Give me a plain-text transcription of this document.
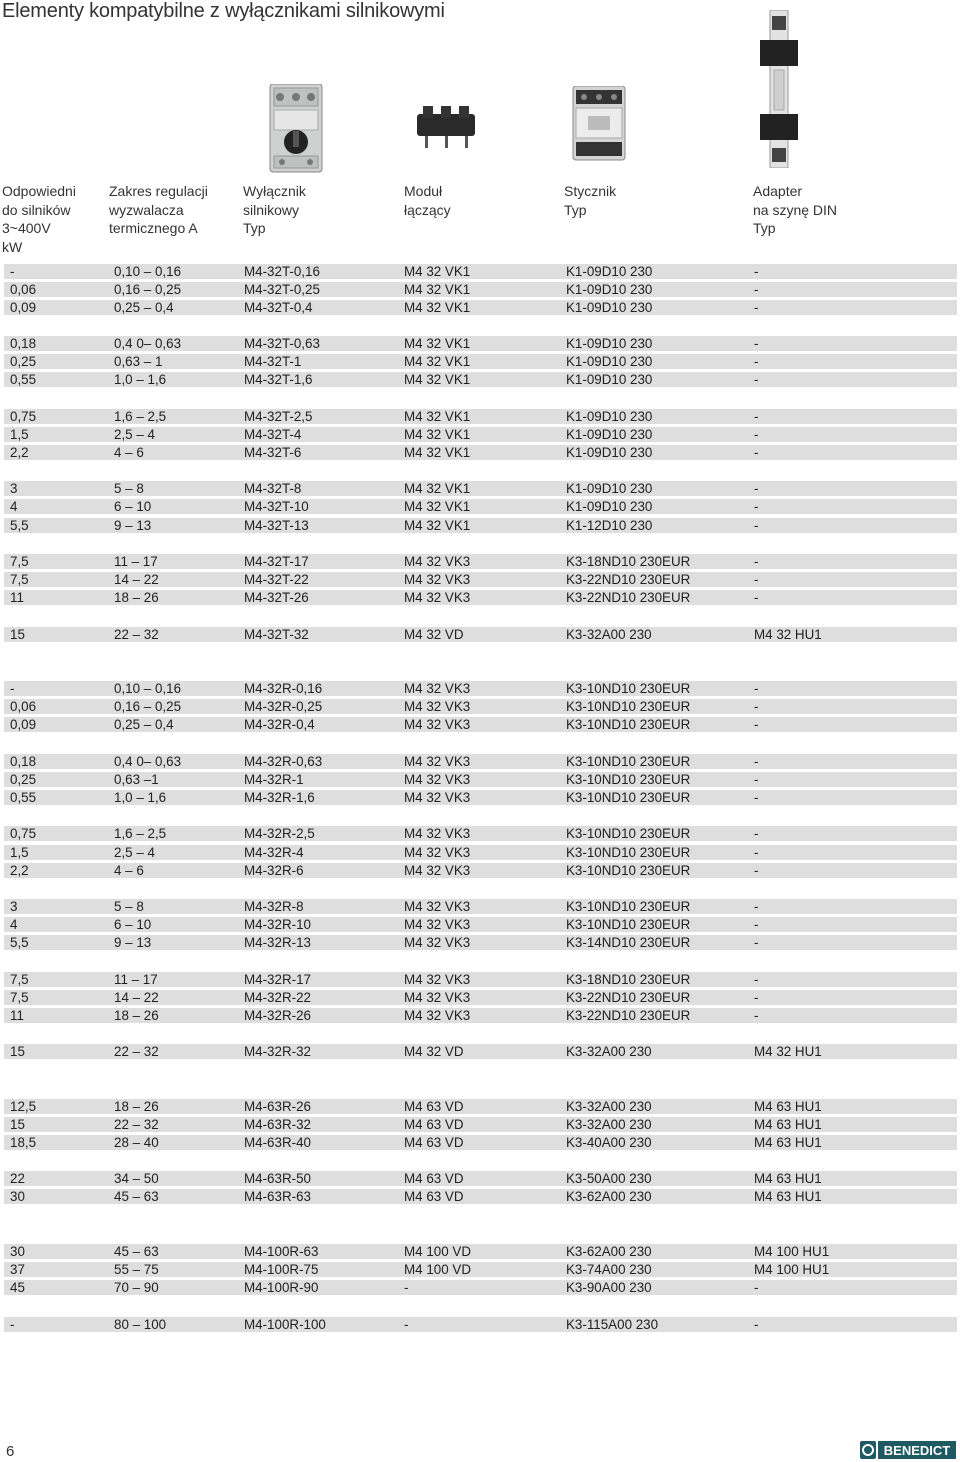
Elementy kompatybilne z wyłącznikami silnikowymi
Odpowiedni
do silników
3~400V
kW
Zakres regulacji
wyzwalacza
termicznego A
Wyłącznik
silnikowy
Typ
Moduł
łączący
Stycznik
Typ
Adapter
na szynę DIN
Typ
-	0,10 – 0,16	M4-32T-0,16	M4 32 VK1	K1-09D10 230	-
0,06	0,16 – 0,25	M4-32T-0,25	M4 32 VK1	K1-09D10 230	-
0,09	0,25 – 0,4	M4-32T-0,4	M4 32 VK1	K1-09D10 230	-
0,18	0,4 0– 0,63	M4-32T-0,63	M4 32 VK1	K1-09D10 230	-
0,25	0,63 – 1	M4-32T-1	M4 32 VK1	K1-09D10 230	-
0,55	1,0 – 1,6	M4-32T-1,6	M4 32 VK1	K1-09D10 230	-
0,75	1,6 – 2,5	M4-32T-2,5	M4 32 VK1	K1-09D10 230	-
1,5	2,5 – 4	M4-32T-4	M4 32 VK1	K1-09D10 230	-
2,2	4 – 6	M4-32T-6	M4 32 VK1	K1-09D10 230	-
3	5 – 8	M4-32T-8	M4 32 VK1	K1-09D10 230	-
4	6 – 10	M4-32T-10	M4 32 VK1	K1-09D10 230	-
5,5	9 – 13	M4-32T-13	M4 32 VK1	K1-12D10 230	-
7,5	11 – 17	M4-32T-17	M4 32 VK3	K3-18ND10 230EUR	-
7,5	14 – 22	M4-32T-22	M4 32 VK3	K3-22ND10 230EUR	-
11	18 – 26	M4-32T-26	M4 32 VK3	K3-22ND10 230EUR	-
15	22 – 32	M4-32T-32	M4 32 VD	K3-32A00 230	M4 32 HU1
-	0,10 – 0,16	M4-32R-0,16	M4 32 VK3	K3-10ND10 230EUR	-
0,06	0,16 – 0,25	M4-32R-0,25	M4 32 VK3	K3-10ND10 230EUR	-
0,09	0,25 – 0,4	M4-32R-0,4	M4 32 VK3	K3-10ND10 230EUR	-
0,18	0,4 0– 0,63	M4-32R-0,63	M4 32 VK3	K3-10ND10 230EUR	-
0,25	0,63 –1	M4-32R-1	M4 32 VK3	K3-10ND10 230EUR	-
0,55	1,0 – 1,6	M4-32R-1,6	M4 32 VK3	K3-10ND10 230EUR	-
0,75	1,6 – 2,5	M4-32R-2,5	M4 32 VK3	K3-10ND10 230EUR	-
1,5	2,5 – 4	M4-32R-4	M4 32 VK3	K3-10ND10 230EUR	-
2,2	4 – 6	M4-32R-6	M4 32 VK3	K3-10ND10 230EUR	-
3	5 – 8	M4-32R-8	M4 32 VK3	K3-10ND10 230EUR	-
4	6 – 10	M4-32R-10	M4 32 VK3	K3-10ND10 230EUR	-
5,5	9 – 13	M4-32R-13	M4 32 VK3	K3-14ND10 230EUR	-
7,5	11 – 17	M4-32R-17	M4 32 VK3	K3-18ND10 230EUR	-
7,5	14 – 22	M4-32R-22	M4 32 VK3	K3-22ND10 230EUR	-
11	18 – 26	M4-32R-26	M4 32 VK3	K3-22ND10 230EUR	-
15	22 – 32	M4-32R-32	M4 32 VD	K3-32A00 230	M4 32 HU1
12,5	18 – 26	M4-63R-26	M4 63 VD	K3-32A00 230	M4 63 HU1
15	22 – 32	M4-63R-32	M4 63 VD	K3-32A00 230	M4 63 HU1
18,5	28 – 40	M4-63R-40	M4 63 VD	K3-40A00 230	M4 63 HU1
22	34 – 50	M4-63R-50	M4 63 VD	K3-50A00 230	M4 63 HU1
30	45 – 63	M4-63R-63	M4 63 VD	K3-62A00 230	M4 63 HU1
30	45 – 63	M4-100R-63	M4 100 VD	K3-62A00 230	M4 100 HU1
37	55 – 75	M4-100R-75	M4 100 VD	K3-74A00 230	M4 100 HU1
45	70 – 90	M4-100R-90	-	K3-90A00 230	-
-	80 – 100	M4-100R-100	-	K3-115A00 230	-
6	BENEDICT
